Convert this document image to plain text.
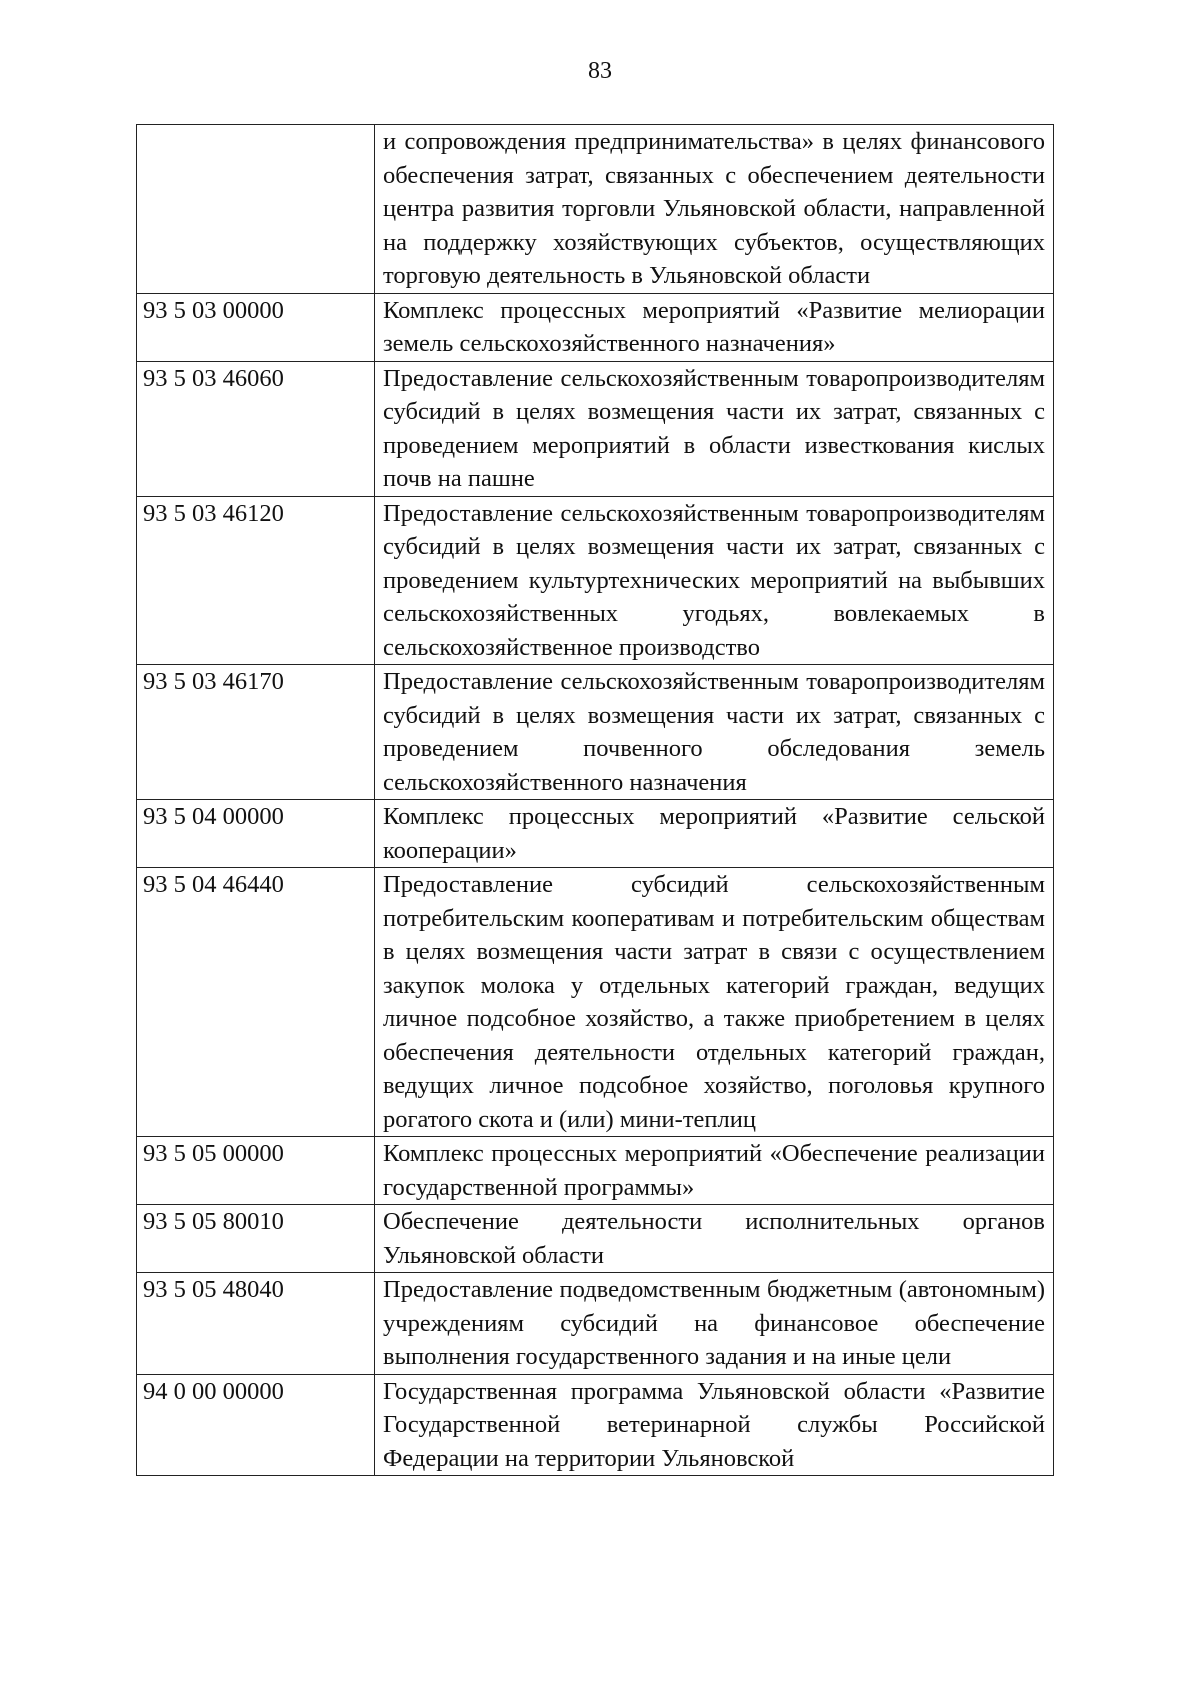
83
	и сопровождения предпринимательства» в целях финансового обеспечения затрат, связанных с обеспечением деятельности центра развития торговли Ульяновской области, направленной на поддержку хозяйствующих субъектов, осуществляющих торговую деятельность в Ульяновской области
93 5 03 00000	Комплекс процессных мероприятий «Развитие мелиорации земель сельскохозяйственного назначения»
93 5 03 46060	Предоставление сельскохозяйственным товаропроизводителям субсидий в целях возмещения части их затрат, связанных с проведением мероприятий в области известкования кислых почв на пашне
93 5 03 46120	Предоставление сельскохозяйственным товаропроизводителям субсидий в целях возмещения части их затрат, связанных с проведением культуртехнических мероприятий на выбывших сельскохозяйственных угодьях, вовлекаемых в сельскохозяйственное производство
93 5 03 46170	Предоставление сельскохозяйственным товаропроизводителям субсидий в целях возмещения части их затрат, связанных с проведением почвенного обследования земель сельскохозяйственного назначения
93 5 04 00000	Комплекс процессных мероприятий «Развитие сельской кооперации»
93 5 04 46440	Предоставление субсидий сельскохозяйственным потребительским кооперативам и потребительским обществам в целях возмещения части затрат в связи с осуществлением закупок молока у отдельных категорий граждан, ведущих личное подсобное хозяйство, а также приобретением в целях обеспечения деятельности отдельных категорий граждан, ведущих личное подсобное хозяйство, поголовья крупного рогатого скота и (или) мини-теплиц
93 5 05 00000	Комплекс процессных мероприятий «Обеспечение реализации государственной программы»
93 5 05 80010	Обеспечение деятельности исполнительных органов Ульяновской области
93 5 05 48040	Предоставление подведомственным бюджетным (автономным) учреждениям субсидий на финансовое обеспечение выполнения государственного задания и на иные цели
94 0 00 00000	Государственная программа Ульяновской области «Развитие Государственной ветеринарной службы Российской Федерации на территории Ульяновской
